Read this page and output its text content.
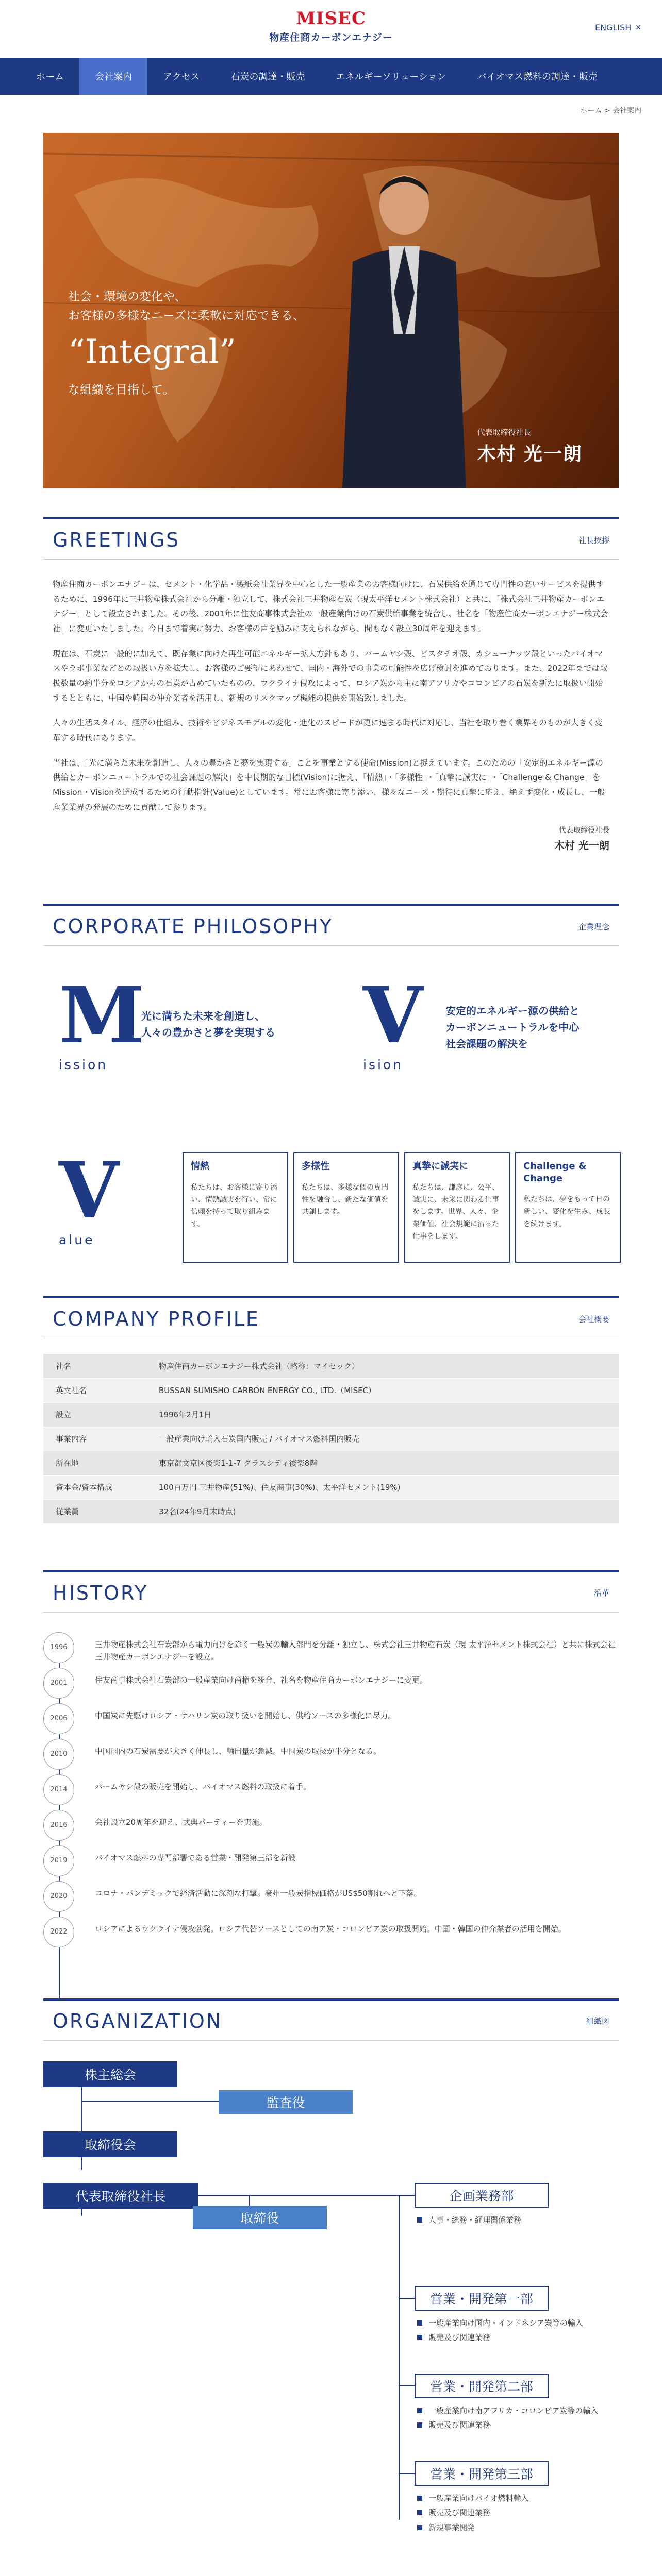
MISEC
物産住商カーボンエナジー
ENGLISH ✕
ホーム	会社案内	アクセス	石炭の調達・販売	エネルギーソリューション	バイオマス燃料の調達・販売
ホーム > 会社案内
社会・環境の変化や、
お客様の多様なニーズに柔軟に対応できる、
“Integral”
な組織を目指して。
代表取締役社長
木村 光一朗
GREETINGS	社長挨拶

物産住商カーボンエナジーは、セメント・化学品・製紙会社業界を中心とした一般産業のお客様向けに、石炭供給を通じて専門性の高いサービスを提供するために、1996年に三井物産株式会社から分離・独立して、株式会社三井物産石炭（現太平洋セメント株式会社）と共に、「株式会社三井物産カーボンエナジー」として設立されました。その後、2001年に住友商事株式会社の一般産業向けの石炭供給事業を統合し、社名を「物産住商カーボンエナジー株式会社」に変更いたしました。今日まで着実に努力、お客様の声を励みに支えられながら、間もなく設立30周年を迎えます。

現在は、石炭に一般的に加えて、既存業に向けた再生可能エネルギー拡大方針もあり、バームヤシ殻、ビスタチオ殻、カシューナッツ殻といったバイオマスやラボ事業などとの取扱い方を拡大し、お客様のご要望にあわせて、国内・海外での事業の可能性を広げ検討を進めております。また、2022年までは取扱数量の約半分をロシアからの石炭が占めていたものの、ウクライナ侵攻によって、ロシア炭から主に南アフリカやコロンビアの石炭を新たに取扱い開始するとともに、中国や韓国の仲介業者を活用し、新規のリスクマップ機能の提供を開始致しました。

人々の生活スタイル、経済の仕組み、技術やビジネスモデルの変化・進化のスピードが更に速まる時代に対応し、当社を取り巻く業界そのものが大きく変革する時代にあります。

当社は、「光に満ちた未来を創造し、人々の豊かさと夢を実現する」ことを事業とする使命(Mission)と捉えています。このための「安定的エネルギー源の供給とカーボンニュートラルでの社会課題の解決」を中長期的な目標(Vision)に据え、「情熱」・「多様性」・「真摯に誠実に」・「Challenge & Change」をMission・Visionを達成するための行動指針(Value)としています。常にお客様に寄り添い、様々なニーズ・期待に真摯に応え、絶えず変化・成長し、一般産業業界の発展のために貢献して参ります。

代表取締役社長
木村 光一朗
CORPORATE PHILOSOPHY	企業理念
M
ission
光に満ちた未来を創造し、
人々の豊かさと夢を実現する V
ision
安定的エネルギー源の供給と
カーボンニュートラルを中心
社会課題の解決を
V
alue
情熱
私たちは、お客様に寄り添い、情熱誠実を行い、常に信頼を持って取り組みます。
多様性
私たちは、多様な個の専門性を融合し、新たな価値を共創します。
真摯に誠実に
私たちは、謙虚に、公平、誠実に、未来に関わる仕事をします。世界、人々、企業価値、社会規範に沿った仕事をします。
Challenge & Change
私たちは、夢をもって日の新しい、変化を生み、成長を続けます。
COMPANY PROFILE	会社概要
社名	物産住商カーボンエナジー株式会社（略称：マイセック）
英文社名	BUSSAN SUMISHO CARBON ENERGY CO., LTD.（MISEC）
設立	1996年2月1日
事業内容	一般産業向け輸入石炭国内販売 / バイオマス燃料国内販売
所在地	東京都文京区後楽1-1-7 グラスシティ後楽8階
資本金/資本構成	100百万円 三井物産(51%)、住友商事(30%)、太平洋セメント(19%)
従業員	32名(24年9月末時点)
HISTORY	沿革
1996	三井物産株式会社石炭部から電力向けを除く一般炭の輸入部門を分離・独立し、株式会社三井物産石炭（現 太平洋セメント株式会社）と共に株式会社三井物産カーボンエナジーを設立。
2001	住友商事株式会社石炭部の一般産業向け商権を統合、社名を物産住商カーボンエナジーに変更。
2006	中国炭に先駆けロシア・サハリン炭の取り扱いを開始し、供給ソースの多様化に尽力。
2010	中国国内の石炭需要が大きく伸長し、輸出量が急減。中国炭の取扱が半分となる。
2014	パームヤシ殻の販売を開始し、バイオマス燃料の取扱に着手。
2016	会社設立20周年を迎え、式典パーティーを実施。
2019	バイオマス燃料の専門部署である営業・開発第三部を新設
2020	コロナ・パンデミックで経済活動に深刻な打撃。豪州一般炭指標価格がUS$50割れへと下落。
2022	ロシアによるウクライナ侵攻勃発。ロシア代替ソースとしての南ア炭・コロンビア炭の取扱開始。中国・韓国の仲介業者の活用を開始。
ORGANIZATION	組織図
株主総会
監査役
取締役会
代表取締役社長
取締役
企画業務部
人事・総務・経理関係業務
営業・開発第一部
一般産業向け国内・インドネシア炭等の輸入
販売及び関連業務
営業・開発第二部
一般産業向け南アフリカ・コロンビア炭等の輸入
販売及び関連業務
営業・開発第三部
一般産業向けバイオ燃料輸入
販売及び関連業務
新規事業開発
